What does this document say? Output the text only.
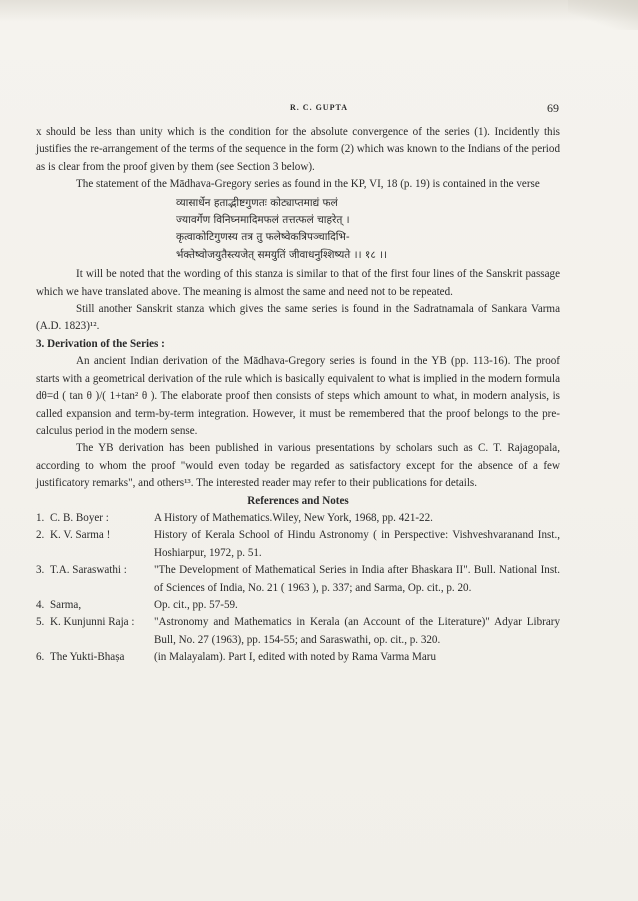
R. C. GUPTA	69

x should be less than unity which is the condition for the absolute convergence of the series (1). Incidently this justifies the re-arrangement of the terms of the sequence in the form (2) which was known to the Indians of the period as is clear from the proof given by them (see Section 3 below).

The statement of the Mādhava-Gregory series as found in the KP, VI, 18 (p. 19) is contained in the verse

व्यासार्धेन हताद्भीष्टगुणतः कोट्याप्तमाद्यं फलं
ज्यावर्गेण विनिघ्नमादिमफलं तत्तत्फलं चाहरेत् ।
कृत्वाकोटिगुणस्य तत्र तु फलेष्वेकत्रिपञ्चादिभि-
र्भक्तेष्वोजयुतैस्त्यजेत् समयुतिं जीवाधनुश्शिष्यते ।। १८ ।।

It will be noted that the wording of this stanza is similar to that of the first four lines of the Sanskrit passage which we have translated above. The meaning is almost the same and need not to be repeated.

Still another Sanskrit stanza which gives the same series is found in the Sadratnamala of Sankara Varma (A.D. 1823)¹².

3. Derivation of the Series :

An ancient Indian derivation of the Mādhava-Gregory series is found in the YB (pp. 113-16). The proof starts with a geometrical derivation of the rule which is basically equivalent to what is implied in the modern formula dθ=d ( tan θ )/( 1+tan² θ ). The elaborate proof then consists of steps which amount to what, in modern analysis, is called expansion and term-by-term integration. However, it must be remembered that the proof belongs to the pre-calculus period in the modern sense.

The YB derivation has been published in various presentations by scholars such as C. T. Rajagopala, according to whom the proof "would even today be regarded as satisfactory except for the absence of a few justificatory remarks", and others¹³. The interested reader may refer to their publications for details.

References and Notes

1. C. B. Boyer :	A History of Mathematics.Wiley, New York, 1968, pp. 421-22.
2. K. V. Sarma !	History of Kerala School of Hindu Astronomy ( in Perspective: Vishveshvaranand Inst., Hoshiarpur, 1972, p. 51.
3. T.A. Saraswathi :	"The Development of Mathematical Series in India after Bhaskara II". Bull. National Inst. of Sciences of India, No. 21 ( 1963 ), p. 337; and Sarma, Op. cit., p. 20.
4. Sarma,	Op. cit., pp. 57-59.
5. K. Kunjunni Raja :	"Astronomy and Mathematics in Kerala (an Account of the Literature)" Adyar Library Bull, No. 27 (1963), pp. 154-55; and Saraswathi, op. cit., p. 320.
6. The Yukti-Bhaṣa	(in Malayalam). Part I, edited with noted by Rama Varma Maru
